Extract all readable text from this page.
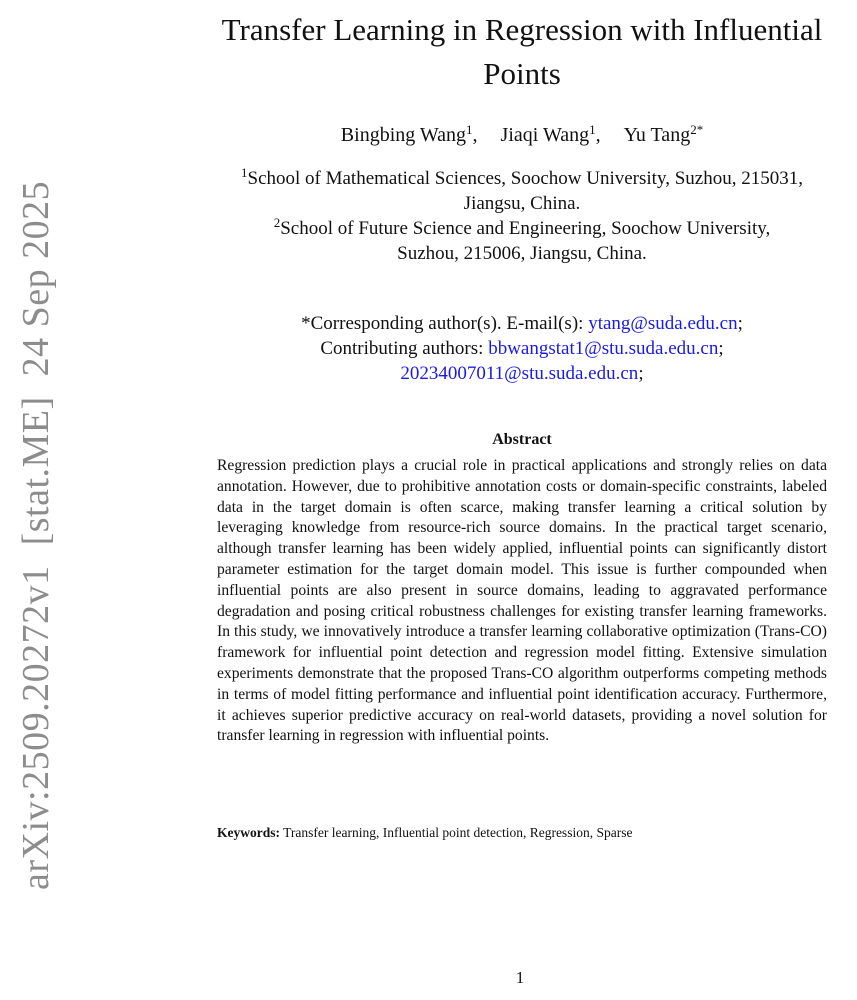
arXiv:2509.20272v1  [stat.ME]  24 Sep 2025
Transfer Learning in Regression with Influential
Points
Bingbing Wang$^1$, Jiaqi Wang$^1$, Yu Tang$^{2*}$

$^1$School of Mathematical Sciences, Soochow University, Suzhou, 215031,

Jiangsu, China.

$^2$School of Future Science and Engineering, Soochow University,

Suzhou, 215006, Jiangsu, China.

*Corresponding author(s). E-mail(s): ytang@suda.edu.cn;

Contributing authors: bbwangstat1@stu.suda.edu.cn;

20234007011@stu.suda.edu.cn;

Abstract

Regression prediction plays a crucial role in practical applications and strongly relies on data annotation. However, due to prohibitive annotation costs or domain-specific constraints, labeled data in the target domain is often scarce, making transfer learning a critical solution by leveraging knowledge from resource-rich source domains. In the practical target scenario, although transfer learning has been widely applied, influential points can significantly distort parameter estimation for the target domain model. This issue is further compounded when influential points are also present in source domains, leading to aggravated performance degradation and posing critical robustness challenges for existing transfer learning frameworks. In this study, we innovatively introduce a transfer learning collaborative optimization (Trans-CO) framework for influential point detection and regression model fitting. Extensive simulation experiments demonstrate that the proposed Trans-CO algorithm outperforms competing methods in terms of model fitting performance and influential point identification accuracy. Furthermore, it achieves superior predictive accuracy on real-world datasets, providing a novel solution for transfer learning in regression with influential points.

Keywords: Transfer learning, Influential point detection, Regression, Sparse
1
